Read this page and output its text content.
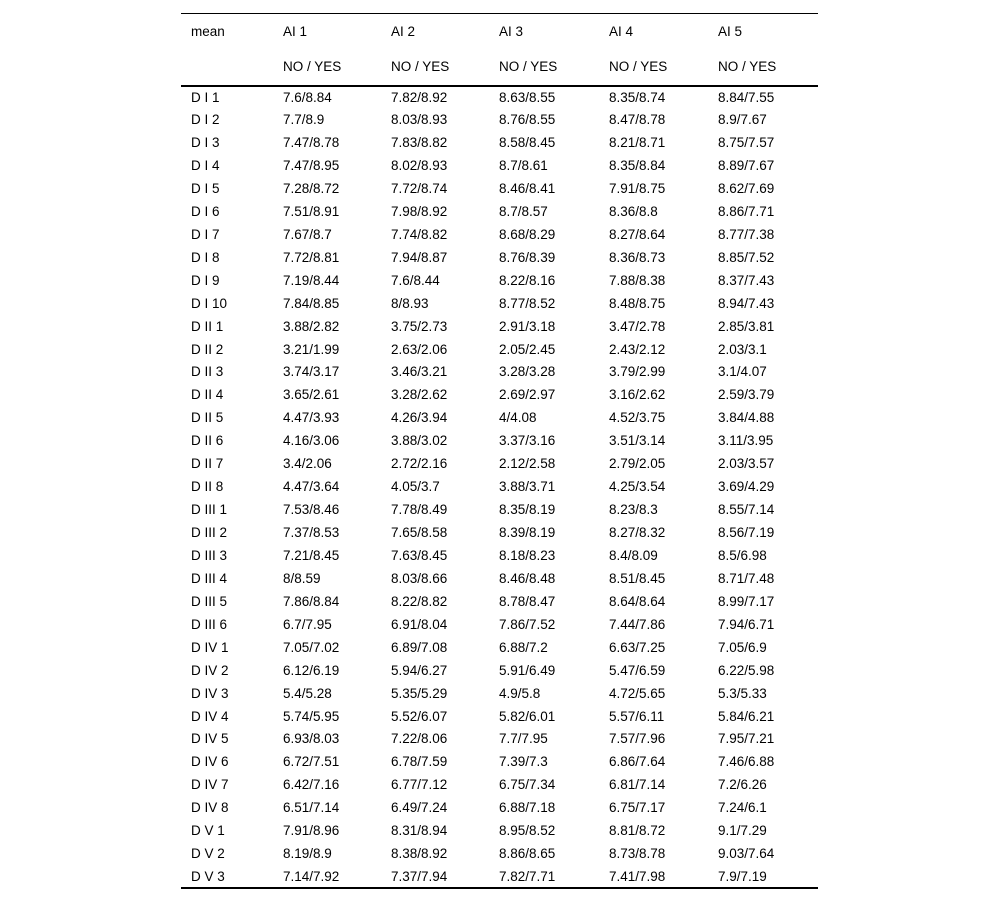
mean	AI 1	AI 2	AI 3	AI 4	AI 5
	NO / YES	NO / YES	NO / YES	NO / YES	NO / YES
D I 1	7.6/8.84	7.82/8.92	8.63/8.55	8.35/8.74	8.84/7.55
D I 2	7.7/8.9	8.03/8.93	8.76/8.55	8.47/8.78	8.9/7.67
D I 3	7.47/8.78	7.83/8.82	8.58/8.45	8.21/8.71	8.75/7.57
D I 4	7.47/8.95	8.02/8.93	8.7/8.61	8.35/8.84	8.89/7.67
D I 5	7.28/8.72	7.72/8.74	8.46/8.41	7.91/8.75	8.62/7.69
D I 6	7.51/8.91	7.98/8.92	8.7/8.57	8.36/8.8	8.86/7.71
D I 7	7.67/8.7	7.74/8.82	8.68/8.29	8.27/8.64	8.77/7.38
D I 8	7.72/8.81	7.94/8.87	8.76/8.39	8.36/8.73	8.85/7.52
D I 9	7.19/8.44	7.6/8.44	8.22/8.16	7.88/8.38	8.37/7.43
D I 10	7.84/8.85	8/8.93	8.77/8.52	8.48/8.75	8.94/7.43
D II 1	3.88/2.82	3.75/2.73	2.91/3.18	3.47/2.78	2.85/3.81
D II 2	3.21/1.99	2.63/2.06	2.05/2.45	2.43/2.12	2.03/3.1
D II 3	3.74/3.17	3.46/3.21	3.28/3.28	3.79/2.99	3.1/4.07
D II 4	3.65/2.61	3.28/2.62	2.69/2.97	3.16/2.62	2.59/3.79
D II 5	4.47/3.93	4.26/3.94	4/4.08	4.52/3.75	3.84/4.88
D II 6	4.16/3.06	3.88/3.02	3.37/3.16	3.51/3.14	3.11/3.95
D II 7	3.4/2.06	2.72/2.16	2.12/2.58	2.79/2.05	2.03/3.57
D II 8	4.47/3.64	4.05/3.7	3.88/3.71	4.25/3.54	3.69/4.29
D III 1	7.53/8.46	7.78/8.49	8.35/8.19	8.23/8.3	8.55/7.14
D III 2	7.37/8.53	7.65/8.58	8.39/8.19	8.27/8.32	8.56/7.19
D III 3	7.21/8.45	7.63/8.45	8.18/8.23	8.4/8.09	8.5/6.98
D III 4	8/8.59	8.03/8.66	8.46/8.48	8.51/8.45	8.71/7.48
D III 5	7.86/8.84	8.22/8.82	8.78/8.47	8.64/8.64	8.99/7.17
D III 6	6.7/7.95	6.91/8.04	7.86/7.52	7.44/7.86	7.94/6.71
D IV 1	7.05/7.02	6.89/7.08	6.88/7.2	6.63/7.25	7.05/6.9
D IV 2	6.12/6.19	5.94/6.27	5.91/6.49	5.47/6.59	6.22/5.98
D IV 3	5.4/5.28	5.35/5.29	4.9/5.8	4.72/5.65	5.3/5.33
D IV 4	5.74/5.95	5.52/6.07	5.82/6.01	5.57/6.11	5.84/6.21
D IV 5	6.93/8.03	7.22/8.06	7.7/7.95	7.57/7.96	7.95/7.21
D IV 6	6.72/7.51	6.78/7.59	7.39/7.3	6.86/7.64	7.46/6.88
D IV 7	6.42/7.16	6.77/7.12	6.75/7.34	6.81/7.14	7.2/6.26
D IV 8	6.51/7.14	6.49/7.24	6.88/7.18	6.75/7.17	7.24/6.1
D V 1	7.91/8.96	8.31/8.94	8.95/8.52	8.81/8.72	9.1/7.29
D V 2	8.19/8.9	8.38/8.92	8.86/8.65	8.73/8.78	9.03/7.64
D V 3	7.14/7.92	7.37/7.94	7.82/7.71	7.41/7.98	7.9/7.19
